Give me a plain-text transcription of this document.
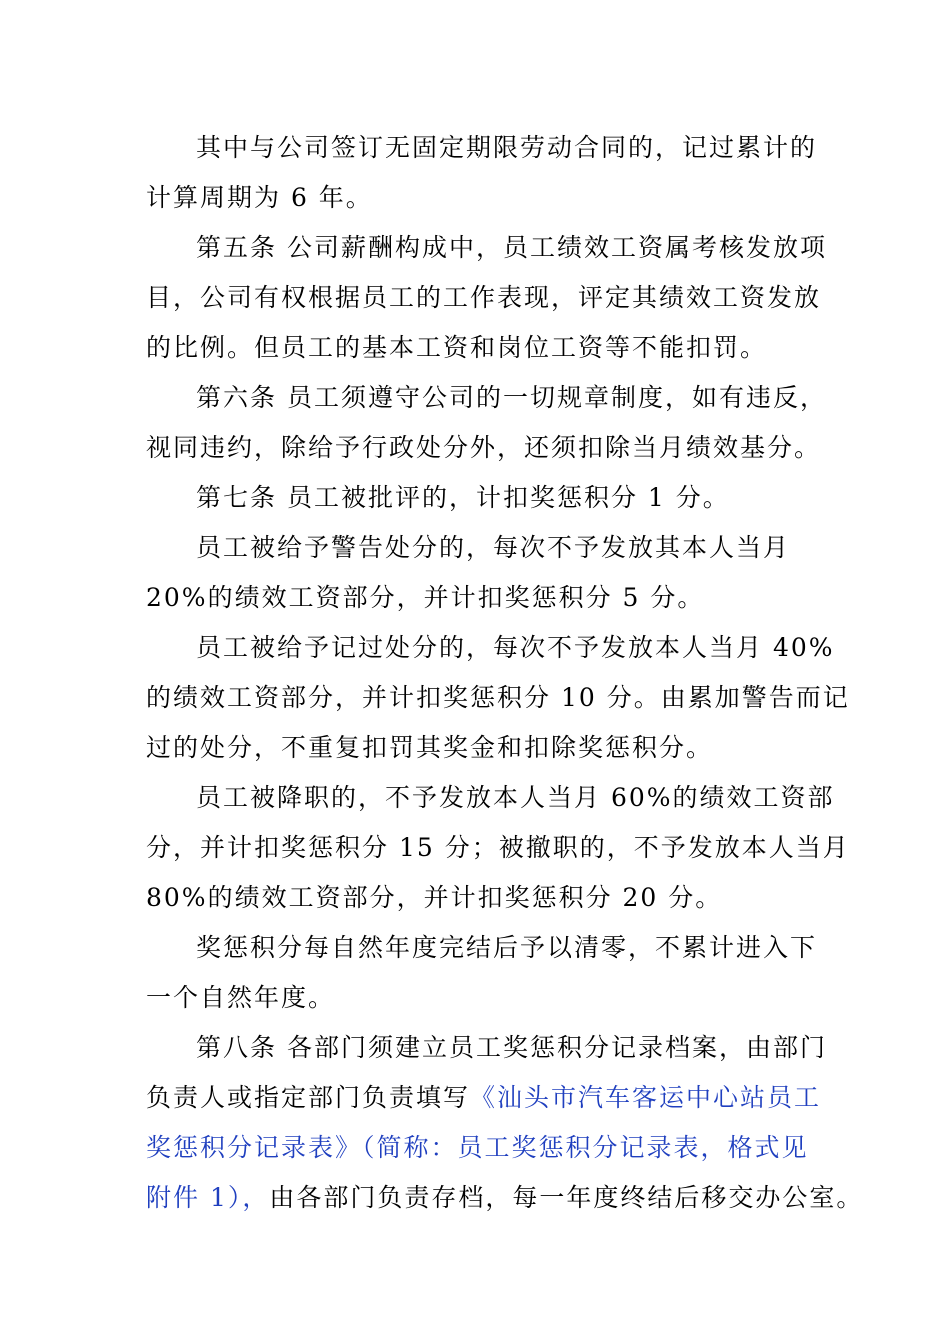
其中与公司签订无固定期限劳动合同的，记过累计的
计算周期为 6 年。
第五条 公司薪酬构成中，员工绩效工资属考核发放项
目，公司有权根据员工的工作表现，评定其绩效工资发放
的比例。但员工的基本工资和岗位工资等不能扣罚。
第六条 员工须遵守公司的一切规章制度，如有违反，
视同违约，除给予行政处分外，还须扣除当月绩效基分。
第七条 员工被批评的，计扣奖惩积分 1 分。
员工被给予警告处分的，每次不予发放其本人当月
20%的绩效工资部分，并计扣奖惩积分 5 分。
员工被给予记过处分的，每次不予发放本人当月 40%
的绩效工资部分，并计扣奖惩积分 10 分。由累加警告而记
过的处分，不重复扣罚其奖金和扣除奖惩积分。
员工被降职的，不予发放本人当月 60%的绩效工资部
分，并计扣奖惩积分 15 分；被撤职的，不予发放本人当月
80%的绩效工资部分，并计扣奖惩积分 20 分。
奖惩积分每自然年度完结后予以清零，不累计进入下
一个自然年度。
第八条 各部门须建立员工奖惩积分记录档案，由部门
负责人或指定部门负责填写《汕头市汽车客运中心站员工
奖惩积分记录表》（简称：员工奖惩积分记录表，格式见
附件 1），由各部门负责存档，每一年度终结后移交办公室。
